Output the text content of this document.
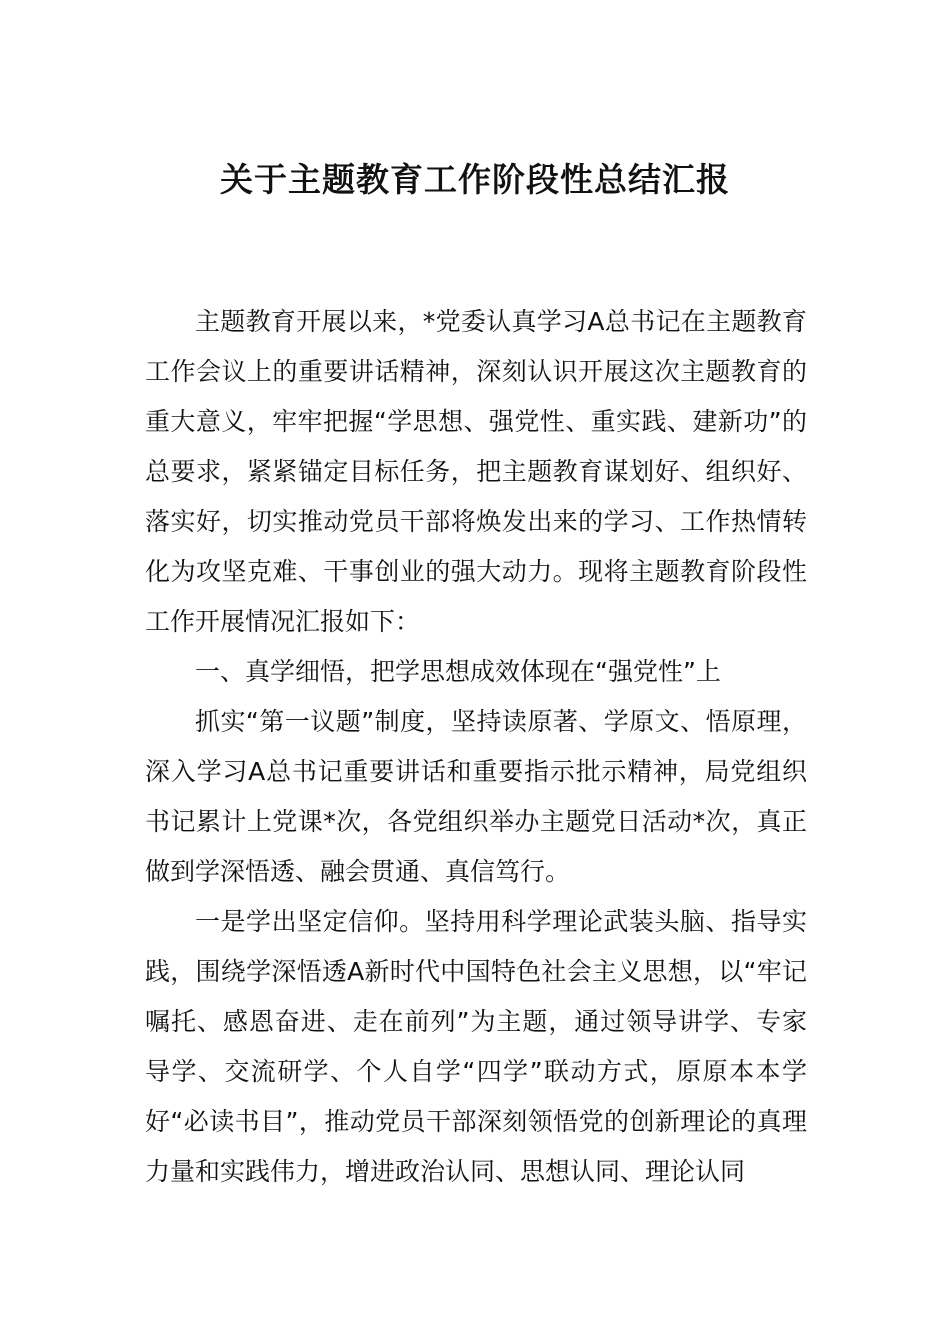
关于主题教育工作阶段性总结汇报

主题教育开展以来，*党委认真学习A总书记在主题教育工作会议上的重要讲话精神，深刻认识开展这次主题教育的重大意义，牢牢把握“学思想、强党性、重实践、建新功”的总要求，紧紧锚定目标任务，把主题教育谋划好、组织好、落实好，切实推动党员干部将焕发出来的学习、工作热情转化为攻坚克难、干事创业的强大动力。现将主题教育阶段性工作开展情况汇报如下：

一、真学细悟，把学思想成效体现在“强党性”上

抓实“第一议题”制度，坚持读原著、学原文、悟原理，深入学习A总书记重要讲话和重要指示批示精神，局党组织书记累计上党课*次，各党组织举办主题党日活动*次，真正做到学深悟透、融会贯通、真信笃行。

一是学出坚定信仰。坚持用科学理论武装头脑、指导实践，围绕学深悟透A新时代中国特色社会主义思想，以“牢记嘱托、感恩奋进、走在前列”为主题，通过领导讲学、专家导学、交流研学、个人自学“四学”联动方式，原原本本学好“必读书目”，推动党员干部深刻领悟党的创新理论的真理力量和实践伟力，增进政治认同、思想认同、理论认同
